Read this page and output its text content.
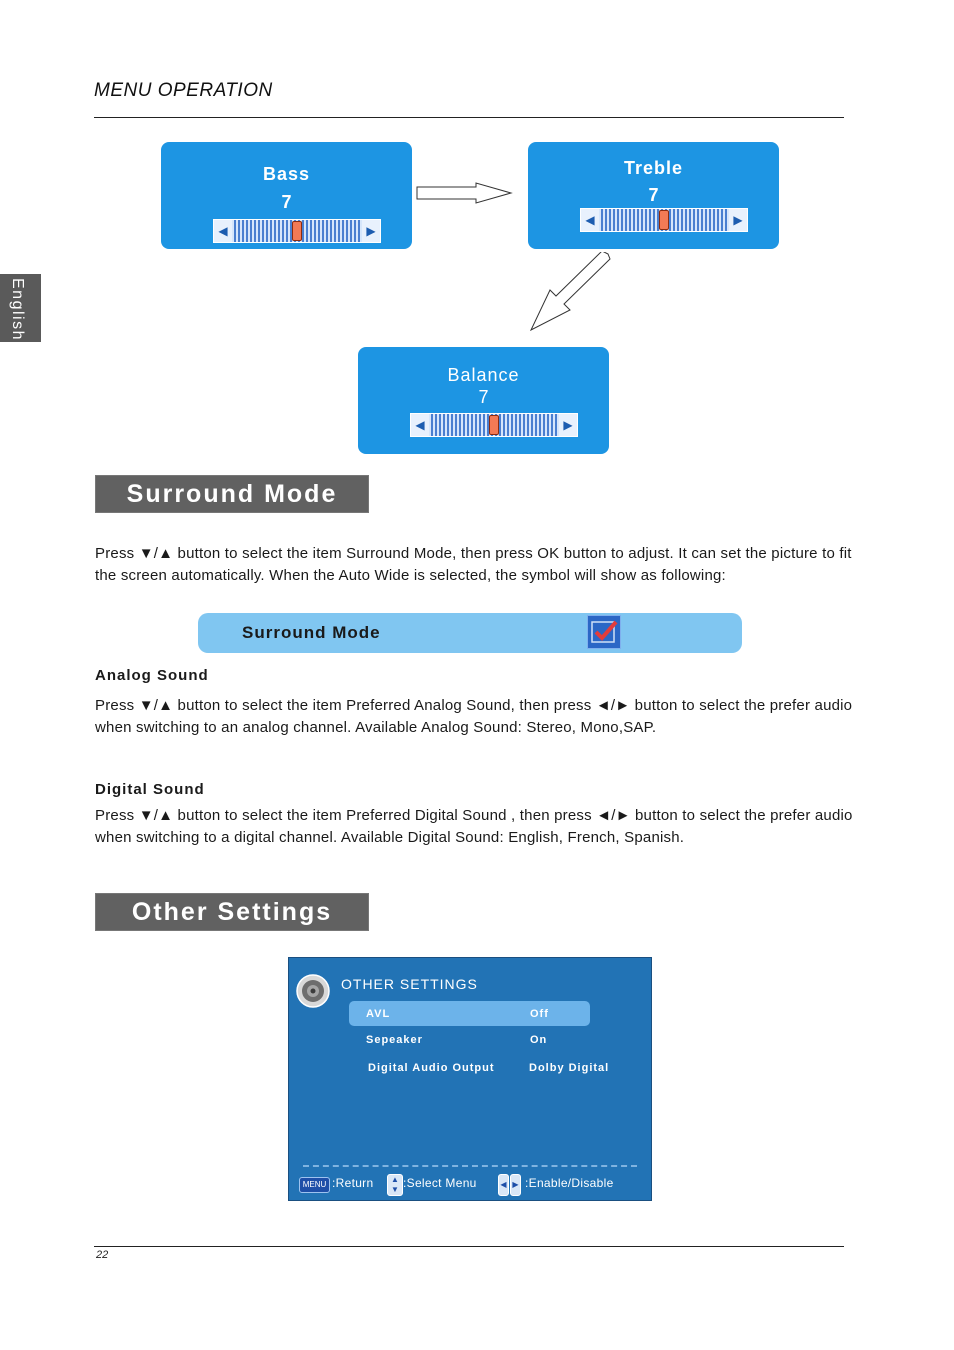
MENU OPERATION
English
Bass
7
◀	▶
Treble
7
◀	▶
Balance
7
◀	▶
Surround Mode
Press ▼/▲ button to select the item Surround Mode, then press OK button to adjust. It can set the picture to fit the screen automatically. When the Auto Wide is selected, the symbol will show as following:
Surround Mode
Analog Sound
Press ▼/▲ button to select the item Preferred Analog Sound, then press ◄/► button to select the prefer audio when switching to an analog channel. Available Analog Sound: Stereo, Mono,SAP.
Digital Sound
Press ▼/▲ button to select the item Preferred Digital Sound , then press ◄/► button to select the prefer audio when switching to a digital channel. Available Digital Sound: English, French, Spanish.
Other Settings
OTHER SETTINGS
AVL	Off
Sepeaker	On
Digital Audio Output	Dolby Digital
MENU :Return	▲
▼ :Select Menu	◀ ▶ :Enable/Disable
22
